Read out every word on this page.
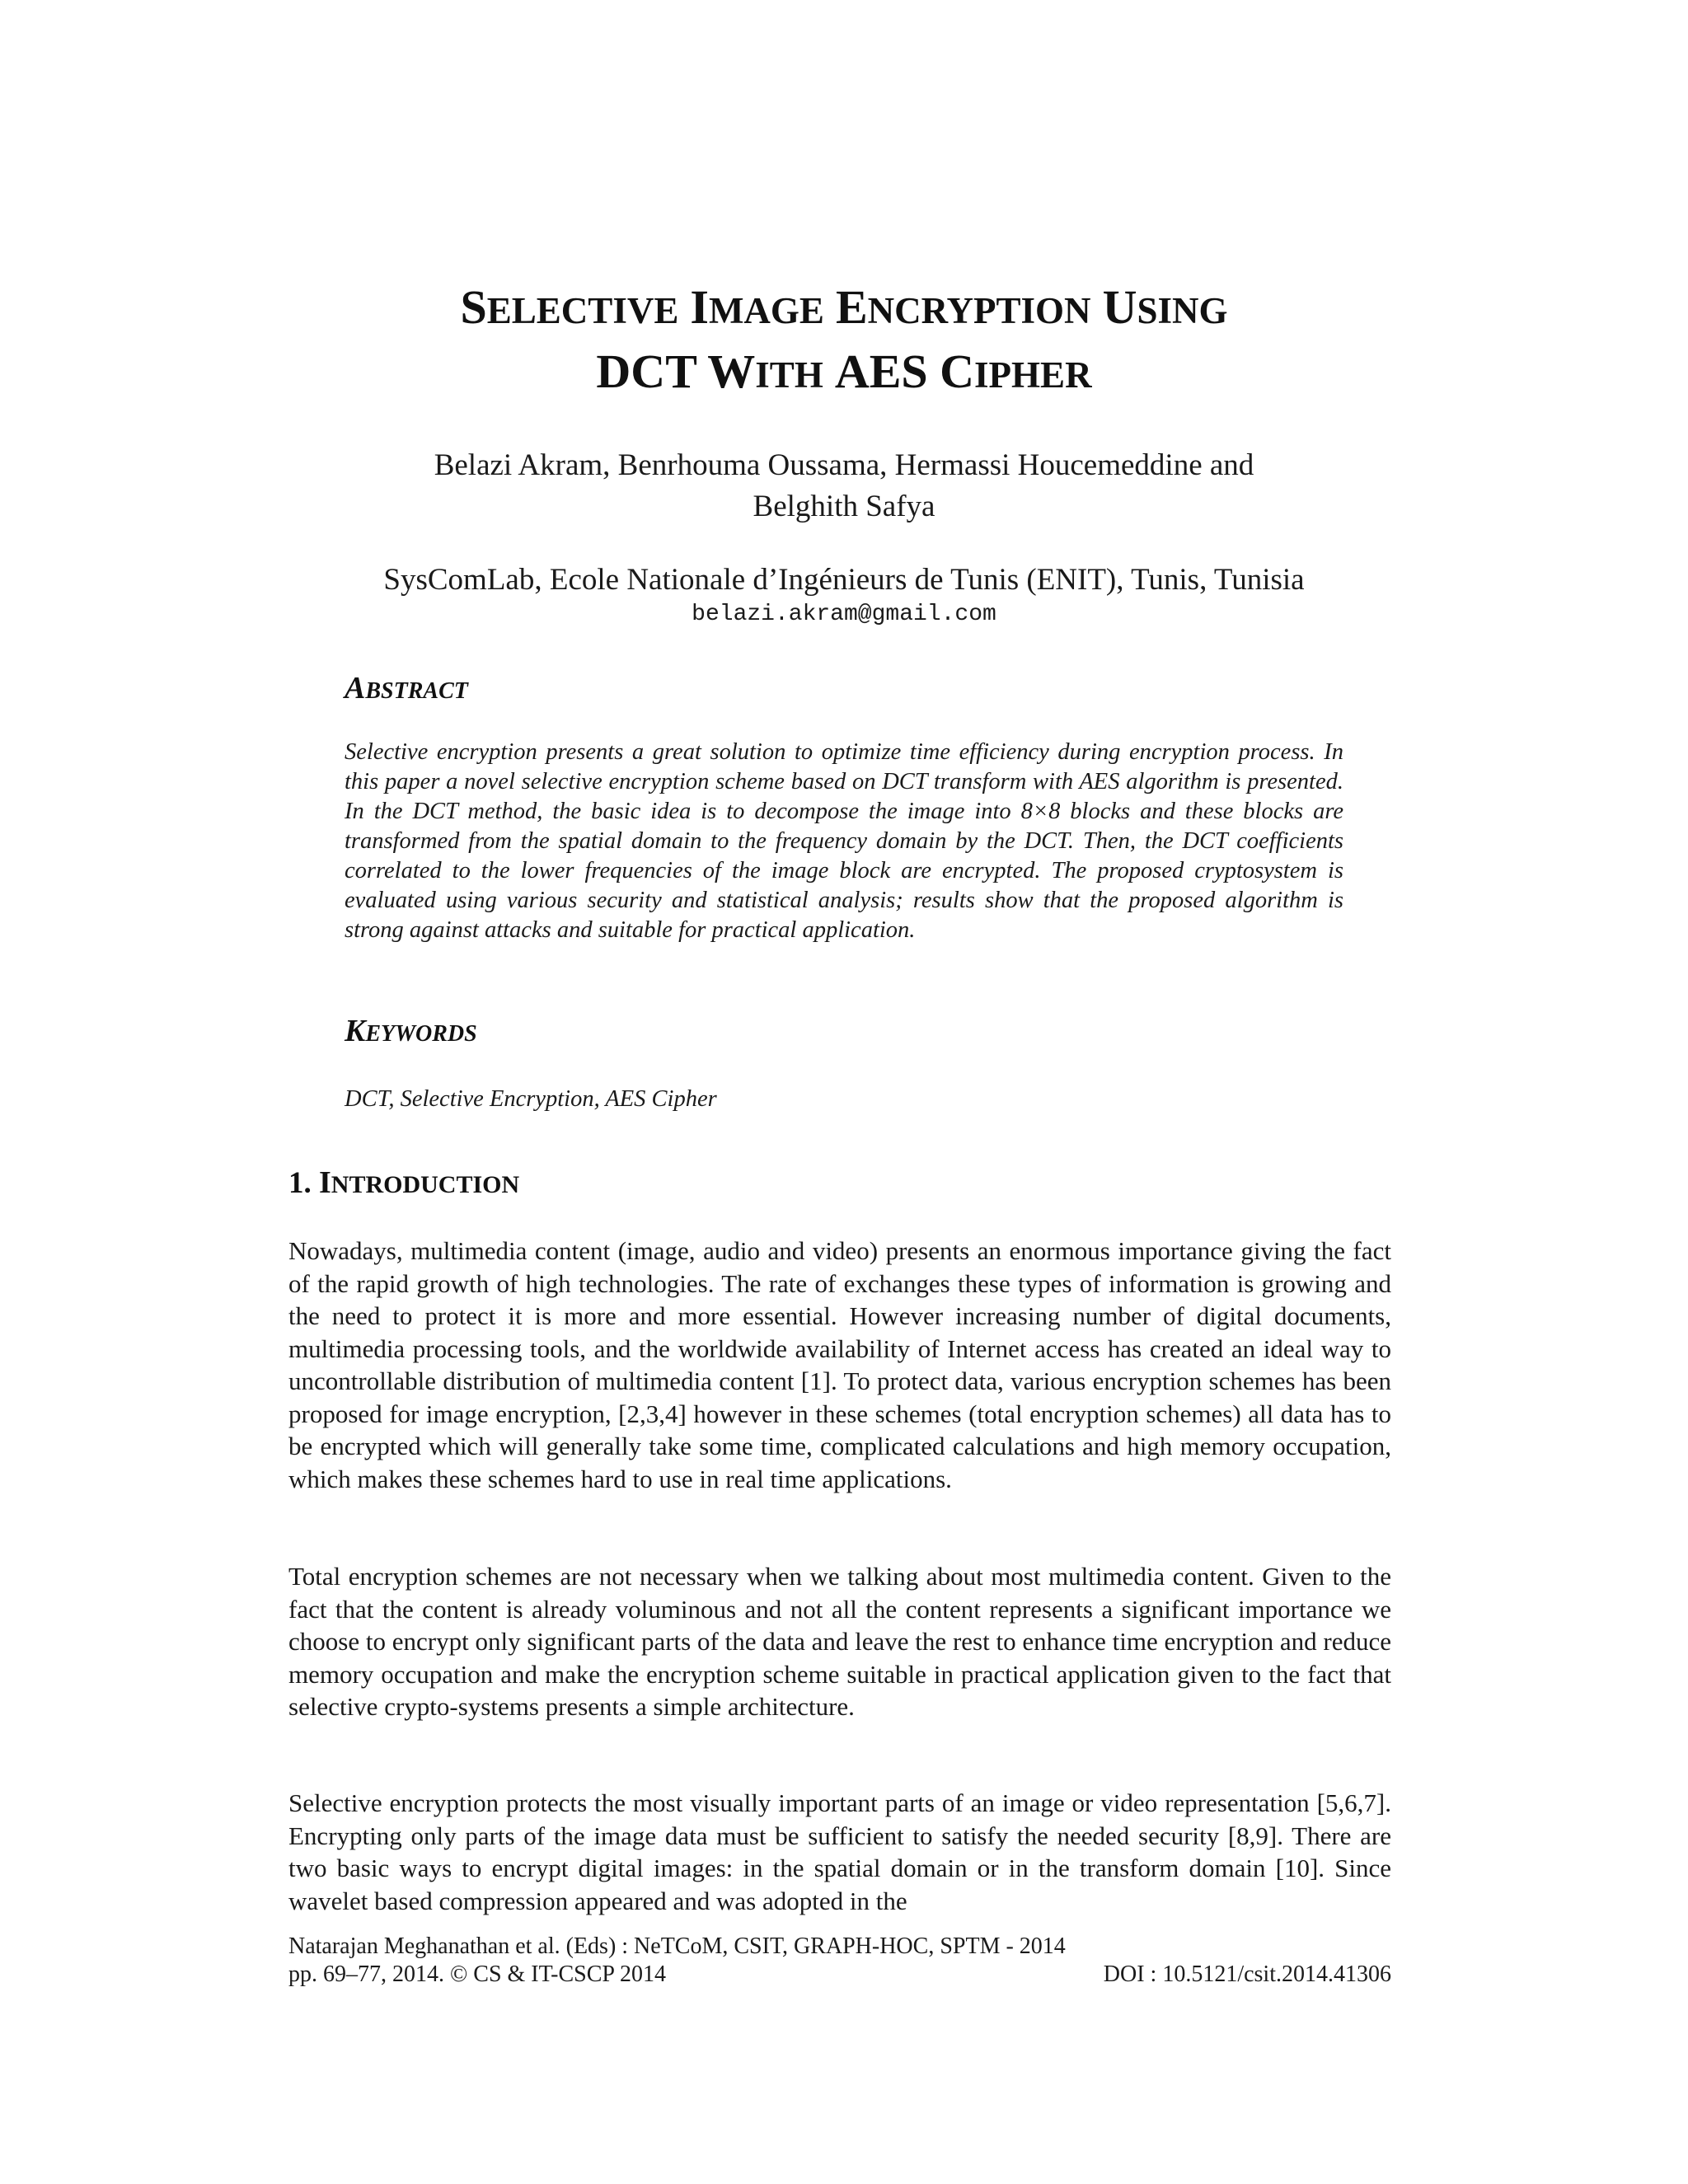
SELECTIVE IMAGE ENCRYPTION USING
DCT WITH AES CIPHER
Belazi Akram, Benrhouma Oussama, Hermassi Houcemeddine and
Belghith Safya
SysComLab, Ecole Nationale d’Ingénieurs de Tunis (ENIT), Tunis, Tunisia
belazi.akram@gmail.com
ABSTRACT

Selective encryption presents a great solution to optimize time efficiency during encryption process. In this paper a novel selective encryption scheme based on DCT transform with AES algorithm is presented. In the DCT method, the basic idea is to decompose the image into 8×8 blocks and these blocks are transformed from the spatial domain to the frequency domain by the DCT. Then, the DCT coefficients correlated to the lower frequencies of the image block are encrypted. The proposed cryptosystem is evaluated using various security and statistical analysis; results show that the proposed algorithm is strong against attacks and suitable for practical application.

KEYWORDS
DCT, Selective Encryption, AES Cipher
1. INTRODUCTION

Nowadays, multimedia content (image, audio and video) presents an enormous importance giving the fact of the rapid growth of high technologies. The rate of exchanges these types of information is growing and the need to protect it is more and more essential. However increasing number of digital documents, multimedia processing tools, and the worldwide availability of Internet access has created an ideal way to uncontrollable distribution of multimedia content [1]. To protect data, various encryption schemes has been proposed for image encryption, [2,3,4] however in these schemes (total encryption schemes) all data has to be encrypted which will generally take some time, complicated calculations and high memory occupation, which makes these schemes hard to use in real time applications.

Total encryption schemes are not necessary when we talking about most multimedia content. Given to the fact that the content is already voluminous and not all the content represents a significant importance we choose to encrypt only significant parts of the data and leave the rest to enhance time encryption and reduce memory occupation and make the encryption scheme suitable in practical application given to the fact that selective crypto-systems presents a simple architecture.

Selective encryption protects the most visually important parts of an image or video representation [5,6,7]. Encrypting only parts of the image data must be sufficient to satisfy the needed security [8,9]. There are two basic ways to encrypt digital images: in the spatial domain or in the transform domain [10]. Since wavelet based compression appeared and was adopted in the

Natarajan Meghanathan et al. (Eds) : NeTCoM, CSIT, GRAPH-HOC, SPTM - 2014
pp. 69–77, 2014. © CS & IT-CSCP 2014	DOI : 10.5121/csit.2014.41306
